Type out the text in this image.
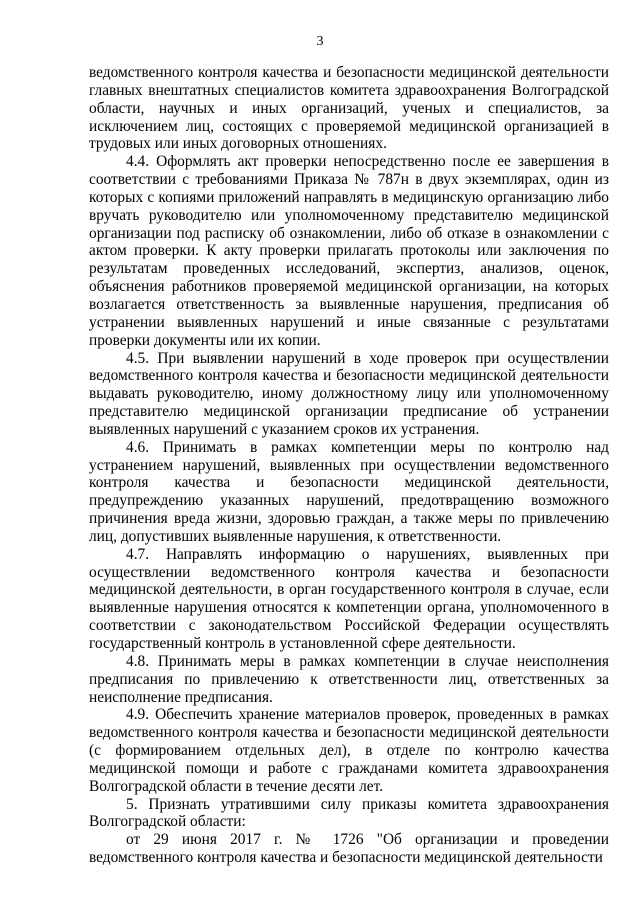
3

ведомственного контроля качества и безопасности медицинской деятельности главных внештатных специалистов комитета здравоохранения Волгоградской области, научных и иных организаций, ученых и специалистов, за исключением лиц, состоящих с проверяемой медицинской организацией в трудовых или иных договорных отношениях.

4.4. Оформлять акт проверки непосредственно после ее завершения в соответствии с требованиями Приказа № 787н в двух экземплярах, один из которых с копиями приложений направлять в медицинскую организацию либо вручать руководителю или уполномоченному представителю медицинской организации под расписку об ознакомлении, либо об отказе в ознакомлении с актом проверки. К акту проверки прилагать протоколы или заключения по результатам проведенных исследований, экспертиз, анализов, оценок, объяснения работников проверяемой медицинской организации, на которых возлагается ответственность за выявленные нарушения, предписания об устранении выявленных нарушений и иные связанные с результатами проверки документы или их копии.

4.5. При выявлении нарушений в ходе проверок при осуществлении ведомственного контроля качества и безопасности медицинской деятельности выдавать руководителю, иному должностному лицу или уполномоченному представителю медицинской организации предписание об устранении выявленных нарушений с указанием сроков их устранения.

4.6. Принимать в рамках компетенции меры по контролю над устранением нарушений, выявленных при осуществлении ведомственного контроля качества и безопасности медицинской деятельности, предупреждению указанных нарушений, предотвращению возможного причинения вреда жизни, здоровью граждан, а также меры по привлечению лиц, допустивших выявленные нарушения, к ответственности.

4.7. Направлять информацию о нарушениях, выявленных при осуществлении ведомственного контроля качества и безопасности медицинской деятельности, в орган государственного контроля в случае, если выявленные нарушения относятся к компетенции органа, уполномоченного в соответствии с законодательством Российской Федерации осуществлять государственный контроль в установленной сфере деятельности.

4.8. Принимать меры в рамках компетенции в случае неисполнения предписания по привлечению к ответственности лиц, ответственных за неисполнение предписания.

4.9. Обеспечить хранение материалов проверок, проведенных в рамках ведомственного контроля качества и безопасности медицинской деятельности (с формированием отдельных дел), в отделе по контролю качества медицинской помощи и работе с гражданами комитета здравоохранения Волгоградской области в течение десяти лет.

5. Признать утратившими силу приказы комитета здравоохранения Волгоградской области:

от 29 июня 2017 г. № 1726 "Об организации и проведении ведомственного контроля качества и безопасности медицинской деятельности
